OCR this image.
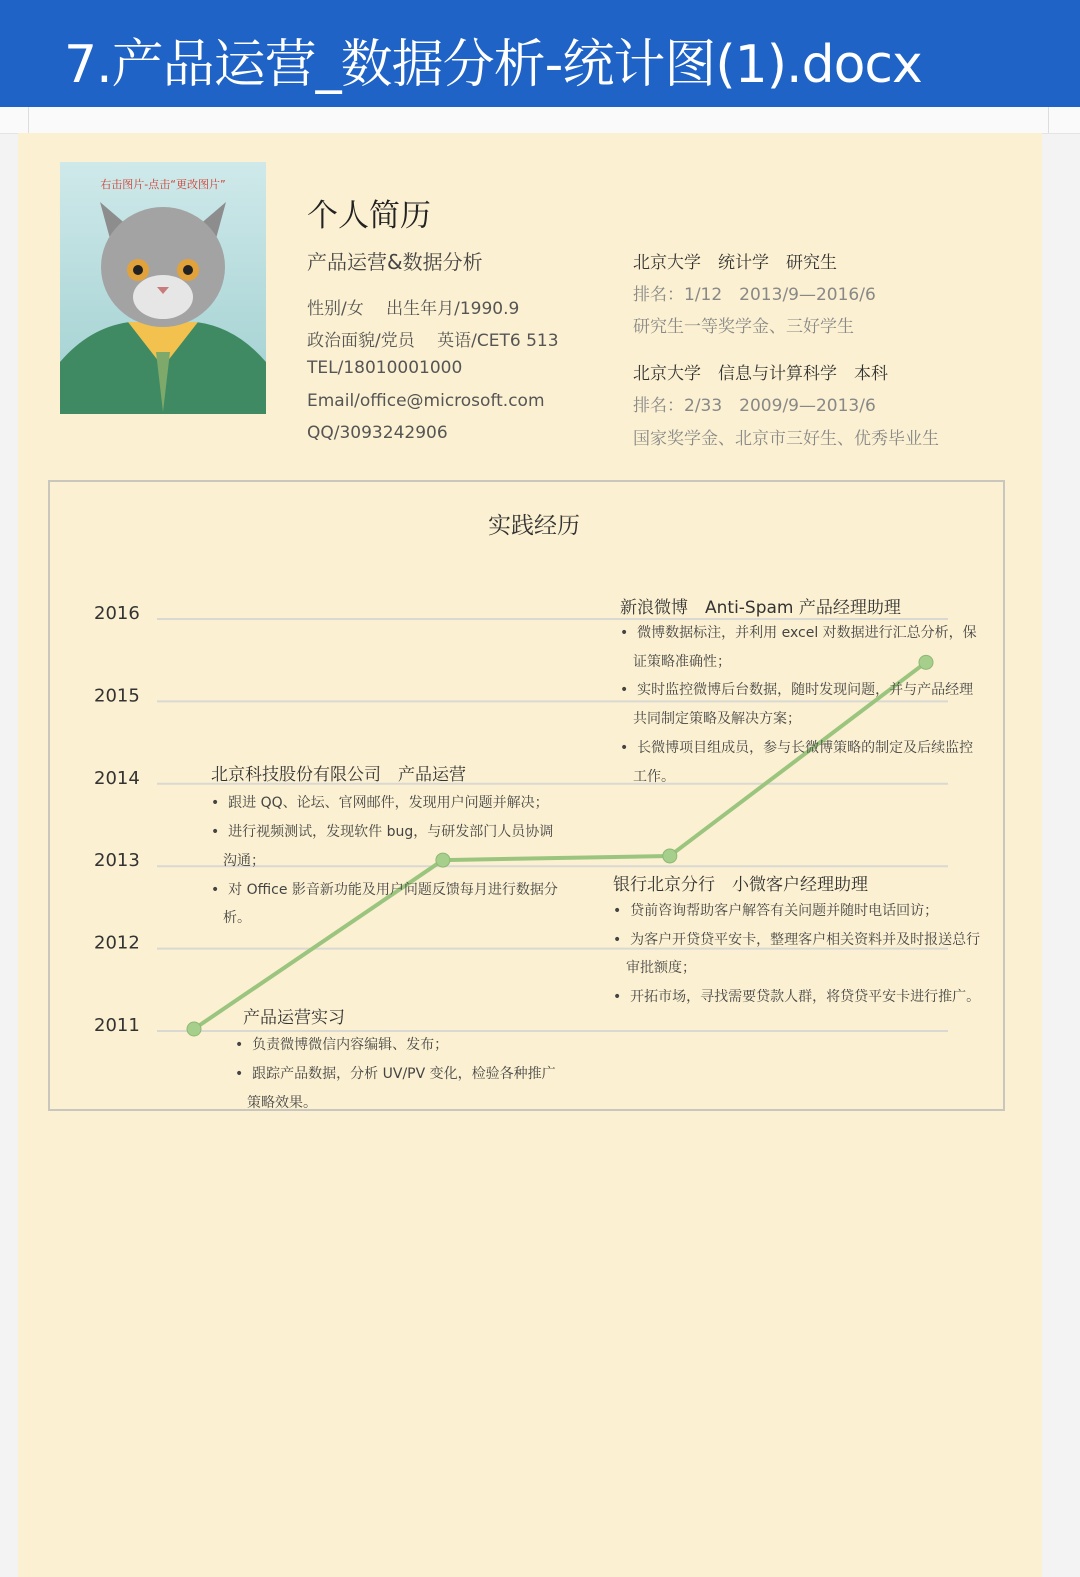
7.产品运营_数据分析-统计图(1).docx
右击图片-点击“更改图片”
个人简历
产品运营&数据分析
性别/女　 出生年月/1990.9
政治面貌/党员　 英语/CET6 513
TEL/18010001000
Email/office@microsoft.com
QQ/3093242906
北京大学　统计学　研究生
排名：1/12　2013/9—2016/6
研究生一等奖学金、三好学生
北京大学　信息与计算科学　本科
排名：2/33　2009/9—2013/6
国家奖学金、北京市三好生、优秀毕业生
实践经历
2011
2012
2013
2014
2015
2016	新浪微博　Anti-Spam 产品经理助理
•  微博数据标注，并利用 excel 对数据进行汇总分析，保
证策略准确性；
•  实时监控微博后台数据，随时发现问题，并与产品经理
共同制定策略及解决方案；
•  长微博项目组成员，参与长微博策略的制定及后续监控
工作。
北京科技股份有限公司　产品运营
•  跟进 QQ、论坛、官网邮件，发现用户问题并解决；
•  进行视频测试，发现软件 bug，与研发部门人员协调
沟通；
•  对 Office 影音新功能及用户问题反馈每月进行数据分
析。
银行北京分行　小微客户经理助理
•  贷前咨询帮助客户解答有关问题并随时电话回访；
•  为客户开贷贷平安卡，整理客户相关资料并及时报送总行
审批额度；
•  开拓市场，寻找需要贷款人群，将贷贷平安卡进行推广。
产品运营实习
•  负责微博微信内容编辑、发布；
•  跟踪产品数据，分析 UV/PV 变化，检验各种推广
策略效果。
